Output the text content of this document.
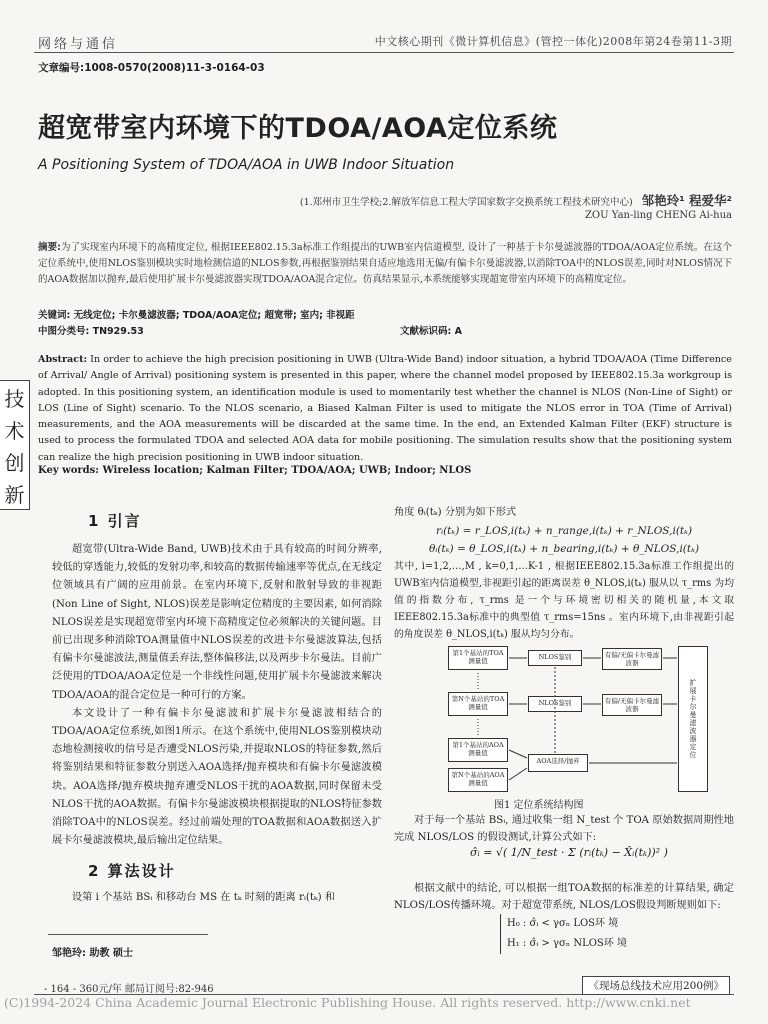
网络与通信	中文核心期刊《微计算机信息》(管控一体化)2008年第24卷第11-3期
文章编号:1008-0570(2008)11-3-0164-03
超宽带室内环境下的TDOA/AOA定位系统
A Positioning System of TDOA/AOA in UWB Indoor Situation
(1.郑州市卫生学校;2.解放军信息工程大学国家数字交换系统工程技术研究中心) 邹艳玲¹ 程爱华²
ZOU Yan-ling CHENG Ai-hua
摘要:为了实现室内环境下的高精度定位, 根据IEEE802.15.3a标准工作组提出的UWB室内信道模型, 设计了一种基于卡尔曼滤波器的TDOA/AOA定位系统。在这个定位系统中,使用NLOS鉴别模块实时地检测信道的NLOS参数,再根据鉴别结果自适应地选用无偏/有偏卡尔曼滤波器,以消除TOA中的NLOS误差,同时对NLOS情况下的AOA数据加以抛弃,最后使用扩展卡尔曼滤波器实现TDOA/AOA混合定位。仿真结果显示,本系统能够实现超宽带室内环境下的高精度定位。
关键词: 无线定位; 卡尔曼滤波器; TDOA/AOA定位; 超宽带; 室内; 非视距
中图分类号: TN929.53	文献标识码: A
Abstract: In order to achieve the high precision positioning in UWB (Ultra-Wide Band) indoor situation, a hybrid TDOA/AOA (Time Difference of Arrival/ Angle of Arrival) positioning system is presented in this paper, where the channel model proposed by IEEE802.15.3a workgroup is adopted. In this positioning system, an identification module is used to momentarily test whether the channel is NLOS (Non-Line of Sight) or LOS (Line of Sight) scenario. To the NLOS scenario, a Biased Kalman Filter is used to mitigate the NLOS error in TOA (Time of Arrival) measurements, and the AOA measurements will be discarded at the same time. In the end, an Extended Kalman Filter (EKF) structure is used to process the formulated TDOA and selected AOA data for mobile positioning. The simulation results show that the positioning system can realize the high precision positioning in UWB indoor situation.
Key words: Wireless location; Kalman Filter; TDOA/AOA; UWB; Indoor; NLOS
技
术
创
新
1 引言

超宽带(Ultra-Wide Band, UWB)技术由于具有较高的时间分辨率,较低的穿透能力,较低的发射功率,和较高的数据传输速率等优点,在无线定位领域具有广阔的应用前景。在室内环境下,反射和散射导致的非视距(Non Line of Sight, NLOS)误差是影响定位精度的主要因素, 如何消除NLOS误差是实现超宽带室内环境下高精度定位必须解决的关键问题。目前已出现多种消除TOA测量值中NLOS误差的改进卡尔曼滤波算法,包括有偏卡尔曼滤波法,测量值丢弃法,整体偏移法,以及两步卡尔曼法。目前广泛使用的TDOA/AOA定位是一个非线性问题,使用扩展卡尔曼滤波来解决TDOA/AOA的混合定位是一种可行的方案。

本文设计了一种有偏卡尔曼滤波和扩展卡尔曼滤波相结合的TDOA/AOA定位系统,如图1所示。在这个系统中,使用NLOS鉴别模块动态地检测接收的信号是否遭受NLOS污染,并提取NLOS的特征参数,然后将鉴别结果和特征参数分别送入AOA选择/抛弃模块和有偏卡尔曼滤波模块。AOA选择/抛弃模块抛弃遭受NLOS干扰的AOA数据,同时保留未受NLOS干扰的AOA数据。有偏卡尔曼滤波模块根据提取的NLOS特征参数消除TOA中的NLOS误差。经过前端处理的TOA数据和AOA数据送入扩展卡尔曼滤波模块,最后输出定位结果。

2 算法设计

设第 i 个基站 BSᵢ 和移动台 MS 在 tₖ 时刻的距离 rᵢ(tₖ) 和

角度 θᵢ(tₖ) 分别为如下形式

rᵢ(tₖ) = r_LOS,i(tₖ) + n_range,i(tₖ) + r_NLOS,i(tₖ)
θᵢ(tₖ) = θ_LOS,i(tₖ) + n_bearing,i(tₖ) + θ_NLOS,i(tₖ)

其中, i=1,2,…,M , k=0,1,…K-1 , 根据IEEE802.15.3a标准工作组提出的UWB室内信道模型,非视距引起的距离误差 θ_NLOS,i(tₖ) 服从以 τ_rms 为均值的指数分布, τ_rms 是一个与环境密切相关的随机量,本文取IEEE802.15.3a标准中的典型值 τ_rms=15ns 。室内环境下,由非视距引起的角度误差 θ_NLOS,i(tₖ) 服从均匀分布。

第1个基站的TOA测量值
第N个基站的TOA测量值
第1个基站的AOA测量值
第N个基站的AOA测量值
NLOS鉴别
NLOS鉴别
AOA选择/抛弃
有偏/无偏卡尔曼滤波器
有偏/无偏卡尔曼滤波器	扩展卡尔曼滤波器定位
图1 定位系统结构图

对于每一个基站 BSᵢ, 通过收集一组 N_test 个 TOA 原始数据周期性地完成 NLOS/LOS 的假设测试,计算公式如下:

σ̂ᵢ = √( 1/N_test · Σ (rᵢ(tₖ) − X̂ᵢ(tₖ))² )

根据文献中的结论, 可以根据一组TOA数据的标准差的计算结果, 确定NLOS/LOS传播环境。对于超宽带系统, NLOS/LOS假设判断规则如下:

H₀ : σ̂ᵢ < γσₙ LOS环 境
H₁ : σ̂ᵢ > γσₙ NLOS环 境
邹艳玲: 助教 硕士
- 164 - 360元/年 邮局订阅号:82-946	《现场总线技术应用200例》
(C)1994-2024 China Academic Journal Electronic Publishing House. All rights reserved. http://www.cnki.net
